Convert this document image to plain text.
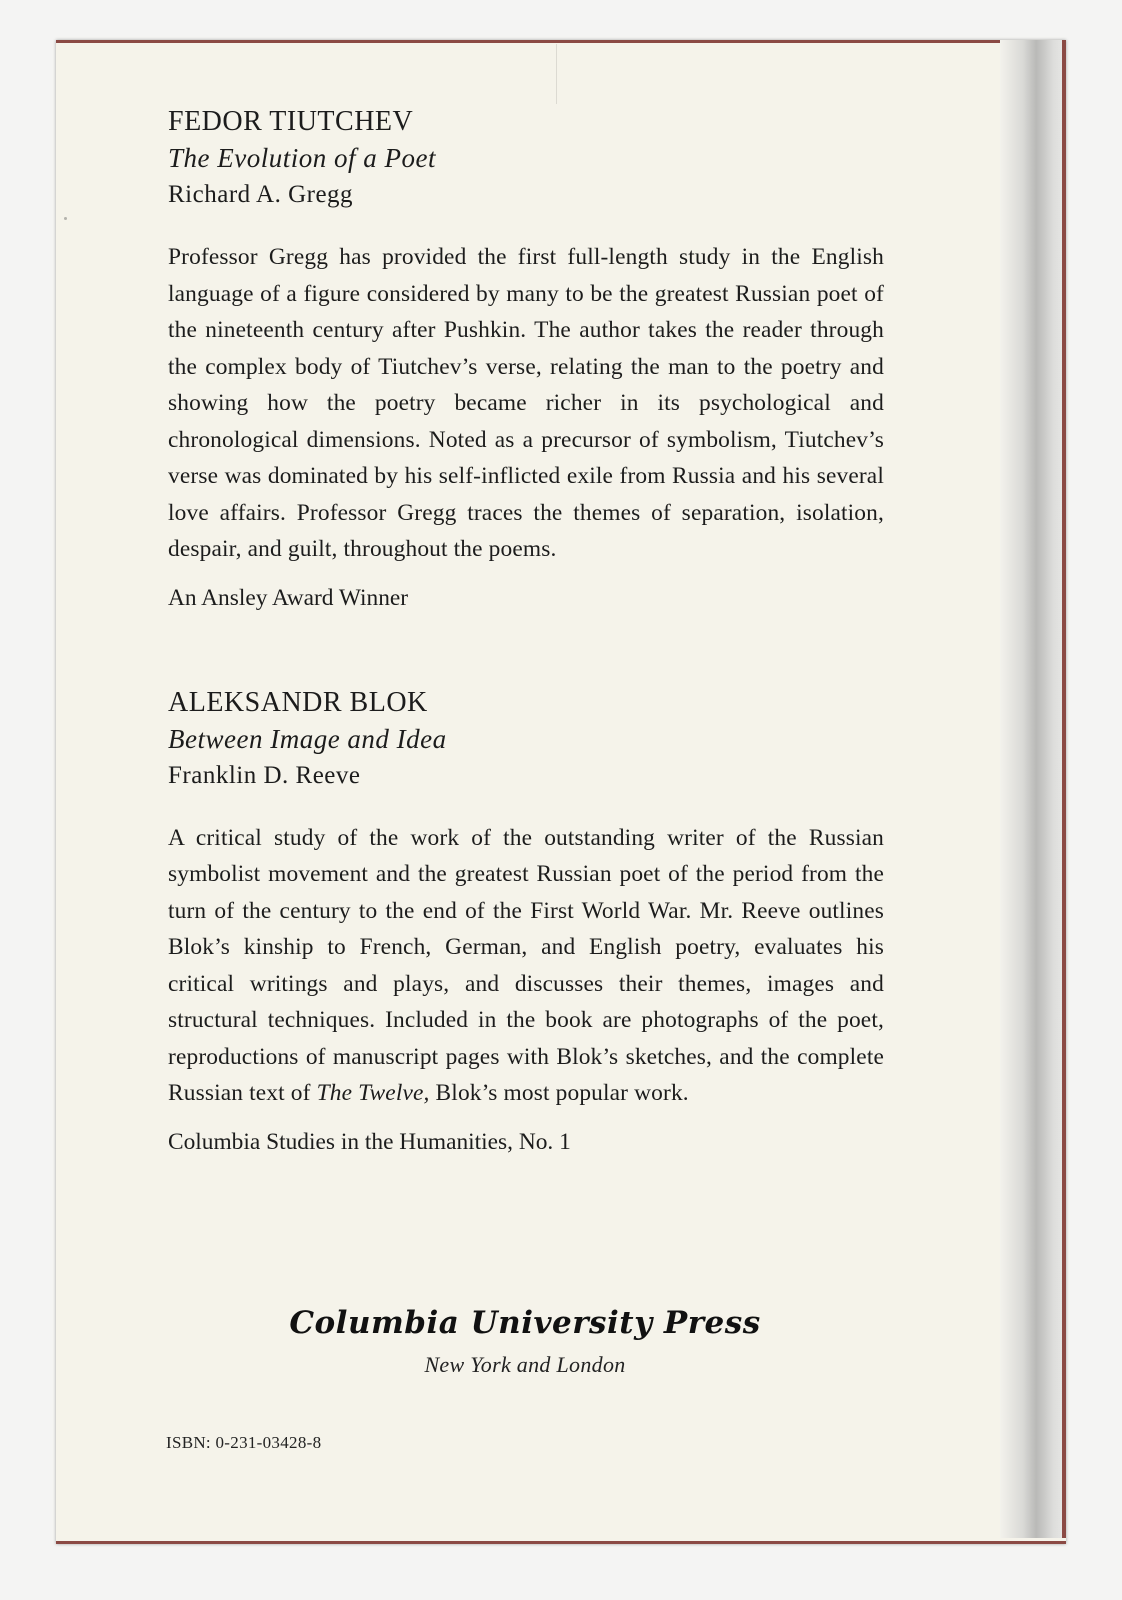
FEDOR TIUTCHEV

The Evolution of a Poet

Richard A. Gregg

Professor Gregg has provided the first full-length study in the English language of a figure considered by many to be the greatest Russian poet of the nineteenth century after Pushkin. The author takes the reader through the complex body of Tiutchev’s verse, relating the man to the poetry and showing how the poetry became richer in its psychological and chronological dimensions. Noted as a precursor of symbolism, Tiutchev’s verse was dominated by his self-inflicted exile from Russia and his several love affairs. Professor Gregg traces the themes of separation, isolation, despair, and guilt, throughout the poems.

An Ansley Award Winner

ALEKSANDR BLOK

Between Image and Idea

Franklin D. Reeve

A critical study of the work of the outstanding writer of the Russian symbolist movement and the greatest Russian poet of the period from the turn of the century to the end of the First World War. Mr. Reeve outlines Blok’s kinship to French, German, and English poetry, evaluates his critical writings and plays, and discusses their themes, images and structural techniques. Included in the book are photographs of the poet, reproductions of manuscript pages with Blok’s sketches, and the complete Russian text of The Twelve, Blok’s most popular work.

Columbia Studies in the Humanities, No. 1

Columbia University Press
New York and London
ISBN: 0-231-03428-8
